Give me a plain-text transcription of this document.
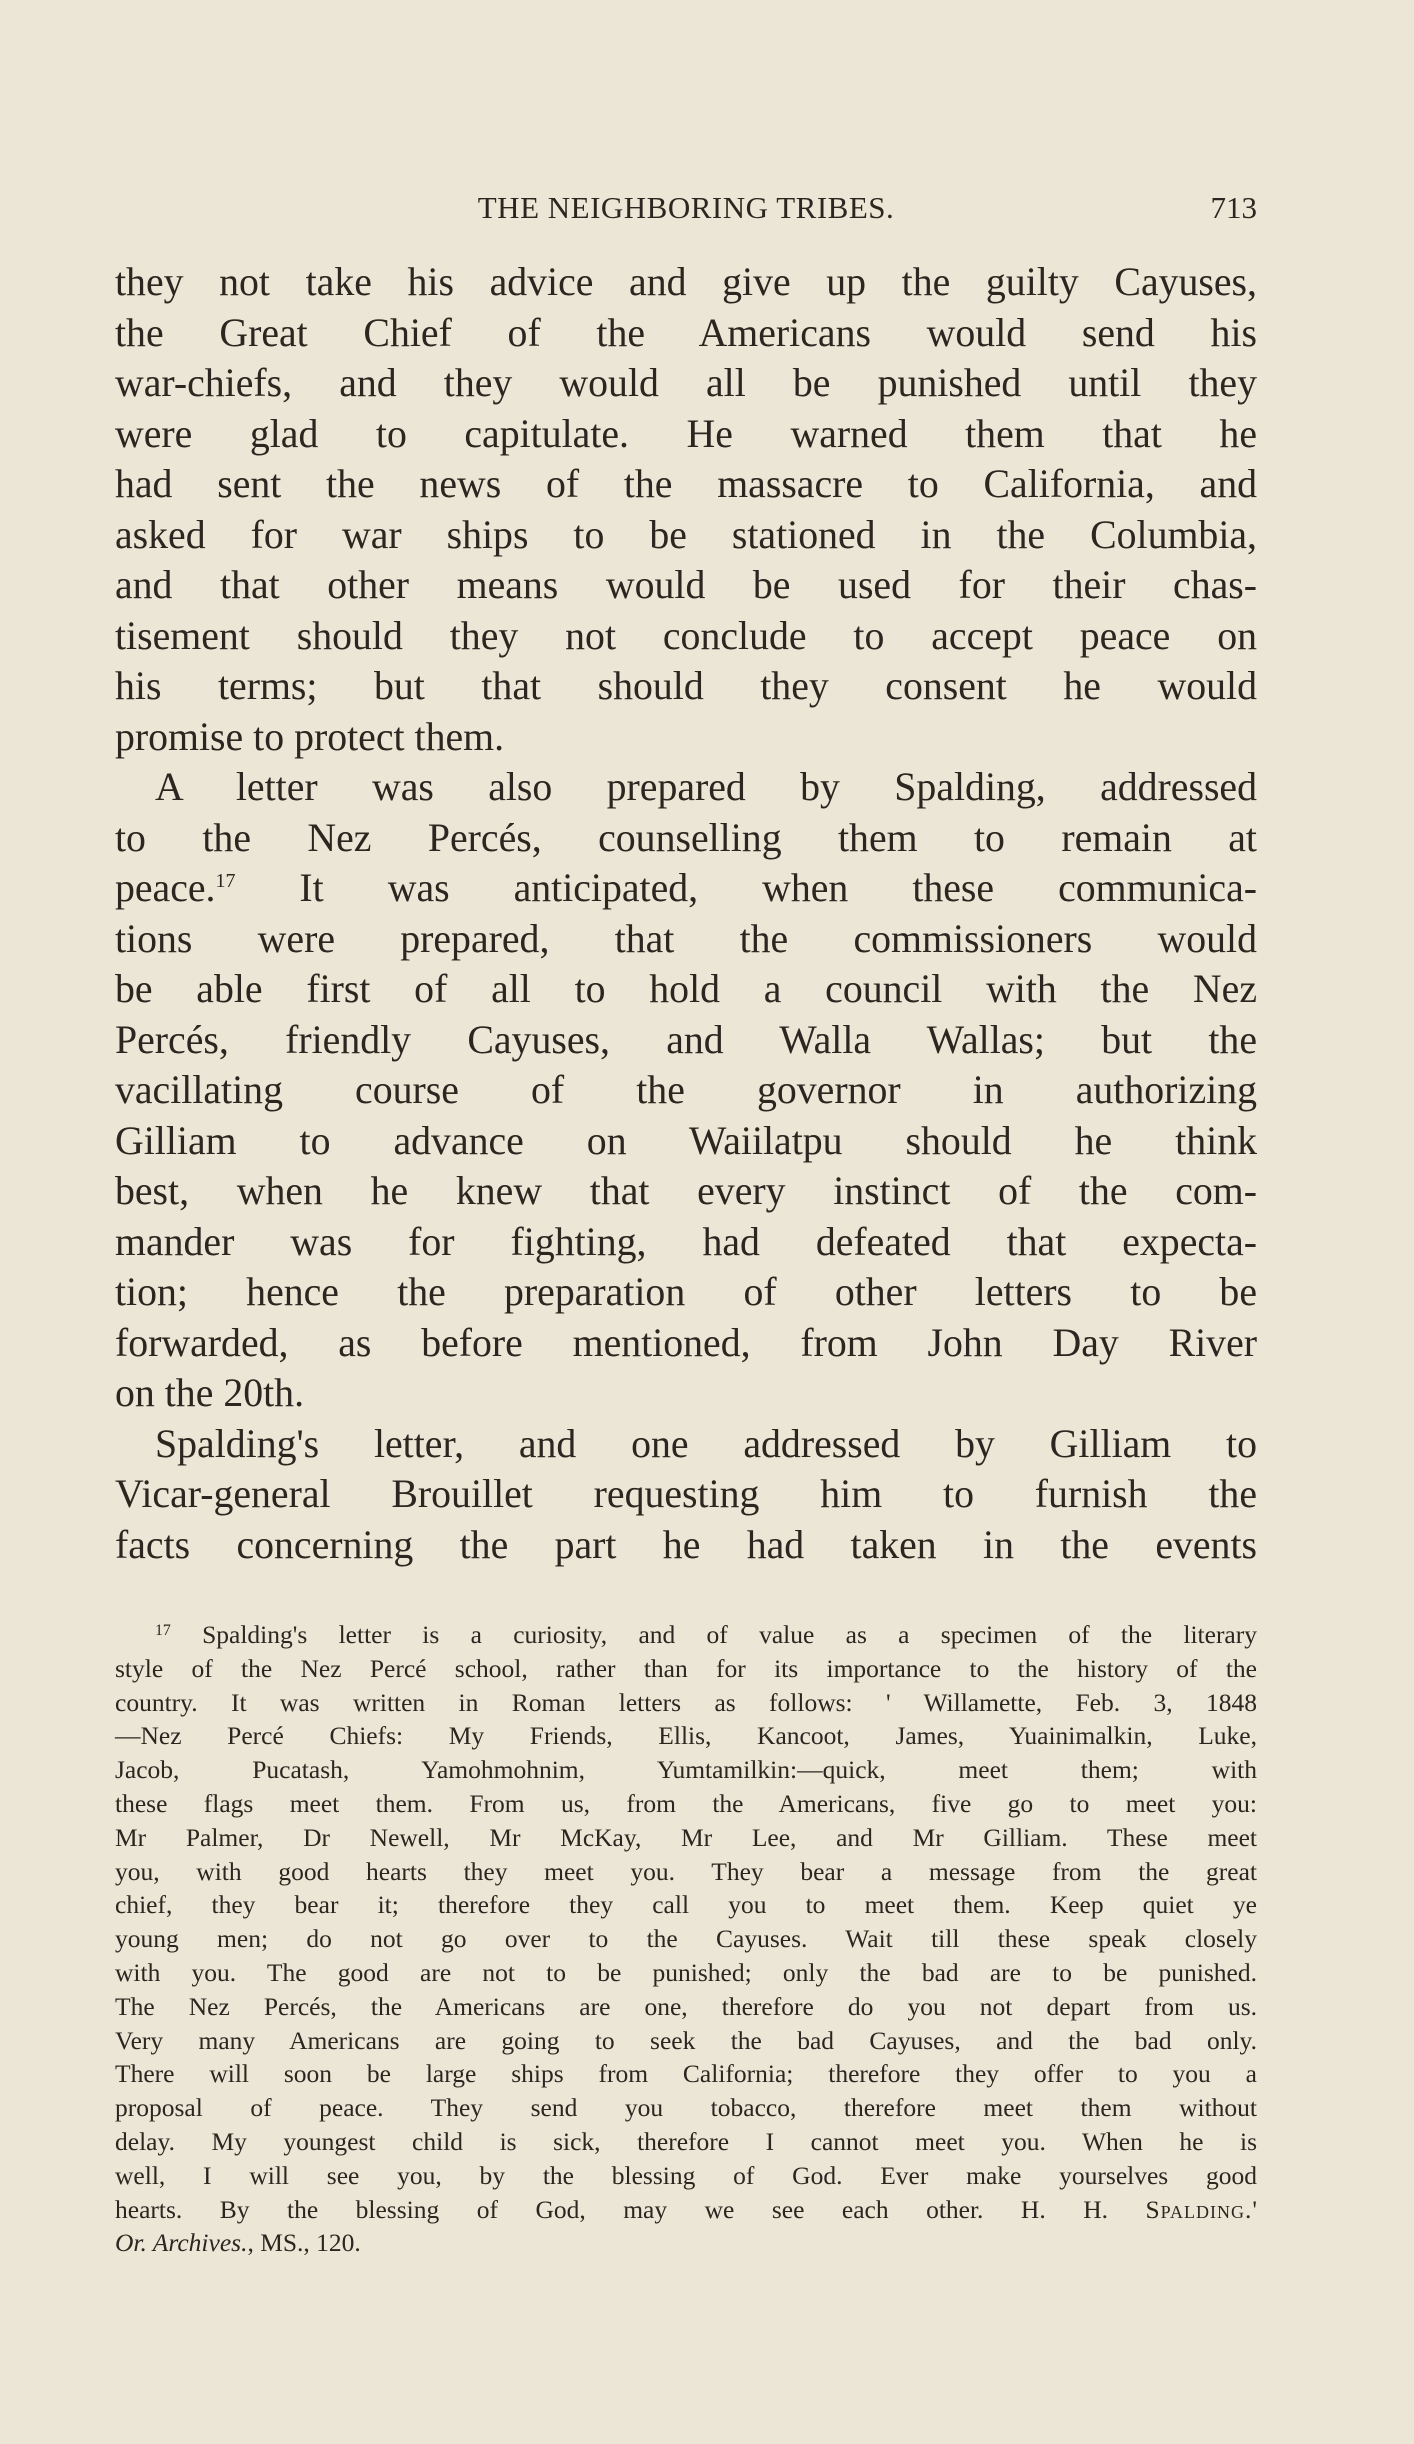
THE NEIGHBORING TRIBES.	713
they not take his advice and give up the guilty Cayuses,
the Great Chief of the Americans would send his
war-chiefs, and they would all be punished until they
were glad to capitulate. He warned them that he
had sent the news of the massacre to California, and
asked for war ships to be stationed in the Columbia,
and that other means would be used for their chas-
tisement should they not conclude to accept peace on
his terms; but that should they consent he would
promise to protect them.
A letter was also prepared by Spalding, addressed
to the Nez Percés, counselling them to remain at
peace.$^{17}$ It was anticipated, when these communica-
tions were prepared, that the commissioners would
be able first of all to hold a council with the Nez
Percés, friendly Cayuses, and Walla Wallas; but the
vacillating course of the governor in authorizing
Gilliam to advance on Waiilatpu should he think
best, when he knew that every instinct of the com-
mander was for fighting, had defeated that expecta-
tion; hence the preparation of other letters to be
forwarded, as before mentioned, from John Day River
on the 20th.
Spalding's letter, and one addressed by Gilliam to
Vicar-general Brouillet requesting him to furnish the
facts concerning the part he had taken in the events
$^{17}$ Spalding's letter is a curiosity, and of value as a specimen of the literary
style of the Nez Percé school, rather than for its importance to the history of the
country. It was written in Roman letters as follows: ' Willamette, Feb. 3, 1848
—Nez Percé Chiefs: My Friends, Ellis, Kancoot, James, Yuainimalkin, Luke,
Jacob, Pucatash, Yamohmohnim, Yumtamilkin:—quick, meet them; with
these flags meet them. From us, from the Americans, five go to meet you:
Mr Palmer, Dr Newell, Mr McKay, Mr Lee, and Mr Gilliam. These meet
you, with good hearts they meet you. They bear a message from the great
chief, they bear it; therefore they call you to meet them. Keep quiet ye
young men; do not go over to the Cayuses. Wait till these speak closely
with you. The good are not to be punished; only the bad are to be punished.
The Nez Percés, the Americans are one, therefore do you not depart from us.
Very many Americans are going to seek the bad Cayuses, and the bad only.
There will soon be large ships from California; therefore they offer to you a
proposal of peace. They send you tobacco, therefore meet them without
delay. My youngest child is sick, therefore I cannot meet you. When he is
well, I will see you, by the blessing of God. Ever make yourselves good
hearts. By the blessing of God, may we see each other. H. H. Spalding.'
Or. Archives., MS., 120.
